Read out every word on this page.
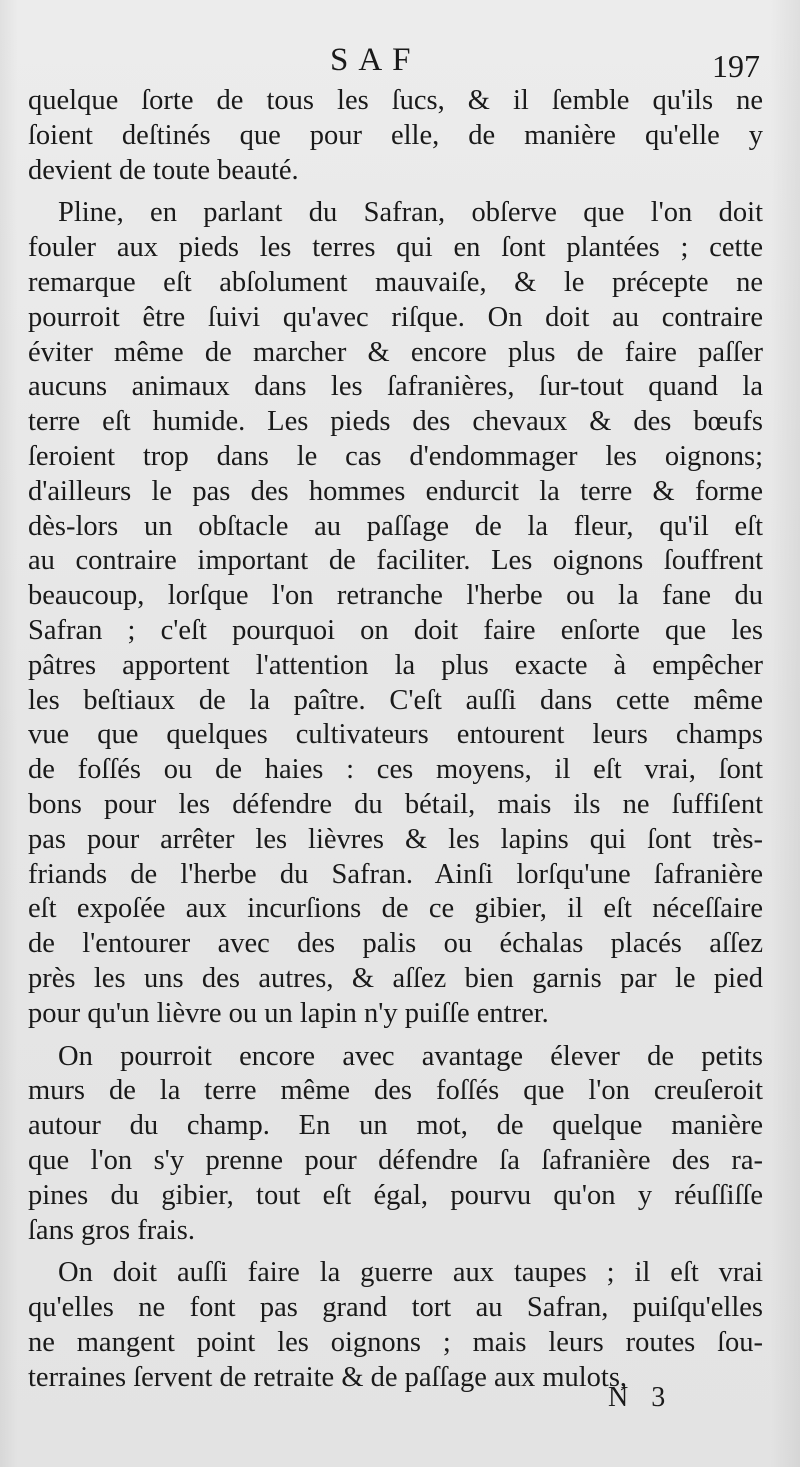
SAF	197
quelque ſorte de tous les ſucs, & il ſemble qu'ils ne
ſoient deſtinés que pour elle, de manière qu'elle y
devient de toute beauté.
Pline, en parlant du Safran, obſerve que l'on doit
fouler aux pieds les terres qui en ſont plantées ; cette
remarque eſt abſolument mauvaiſe, & le précepte ne
pourroit être ſuivi qu'avec riſque. On doit au contraire
éviter même de marcher & encore plus de faire paſſer
aucuns animaux dans les ſafranières, ſur-tout quand la
terre eſt humide. Les pieds des chevaux & des bœufs
ſeroient trop dans le cas d'endommager les oignons;
d'ailleurs le pas des hommes endurcit la terre & forme
dès-lors un obſtacle au paſſage de la fleur, qu'il eſt
au contraire important de faciliter. Les oignons ſouffrent
beaucoup, lorſque l'on retranche l'herbe ou la fane du
Safran ; c'eſt pourquoi on doit faire enſorte que les
pâtres apportent l'attention la plus exacte à empêcher
les beſtiaux de la paître. C'eſt auſſi dans cette même
vue que quelques cultivateurs entourent leurs champs
de foſſés ou de haies : ces moyens, il eſt vrai, ſont
bons pour les défendre du bétail, mais ils ne ſuffiſent
pas pour arrêter les lièvres & les lapins qui ſont très-
friands de l'herbe du Safran. Ainſi lorſqu'une ſafranière
eſt expoſée aux incurſions de ce gibier, il eſt néceſſaire
de l'entourer avec des palis ou échalas placés aſſez
près les uns des autres, & aſſez bien garnis par le pied
pour qu'un lièvre ou un lapin n'y puiſſe entrer.
On pourroit encore avec avantage élever de petits
murs de la terre même des foſſés que l'on creuſeroit
autour du champ. En un mot, de quelque manière
que l'on s'y prenne pour défendre ſa ſafranière des ra-
pines du gibier, tout eſt égal, pourvu qu'on y réuſſiſſe
ſans gros frais.
On doit auſſi faire la guerre aux taupes ; il eſt vrai
qu'elles ne font pas grand tort au Safran, puiſqu'elles
ne mangent point les oignons ; mais leurs routes ſou-
terraines ſervent de retraite & de paſſage aux mulots,
N 3
